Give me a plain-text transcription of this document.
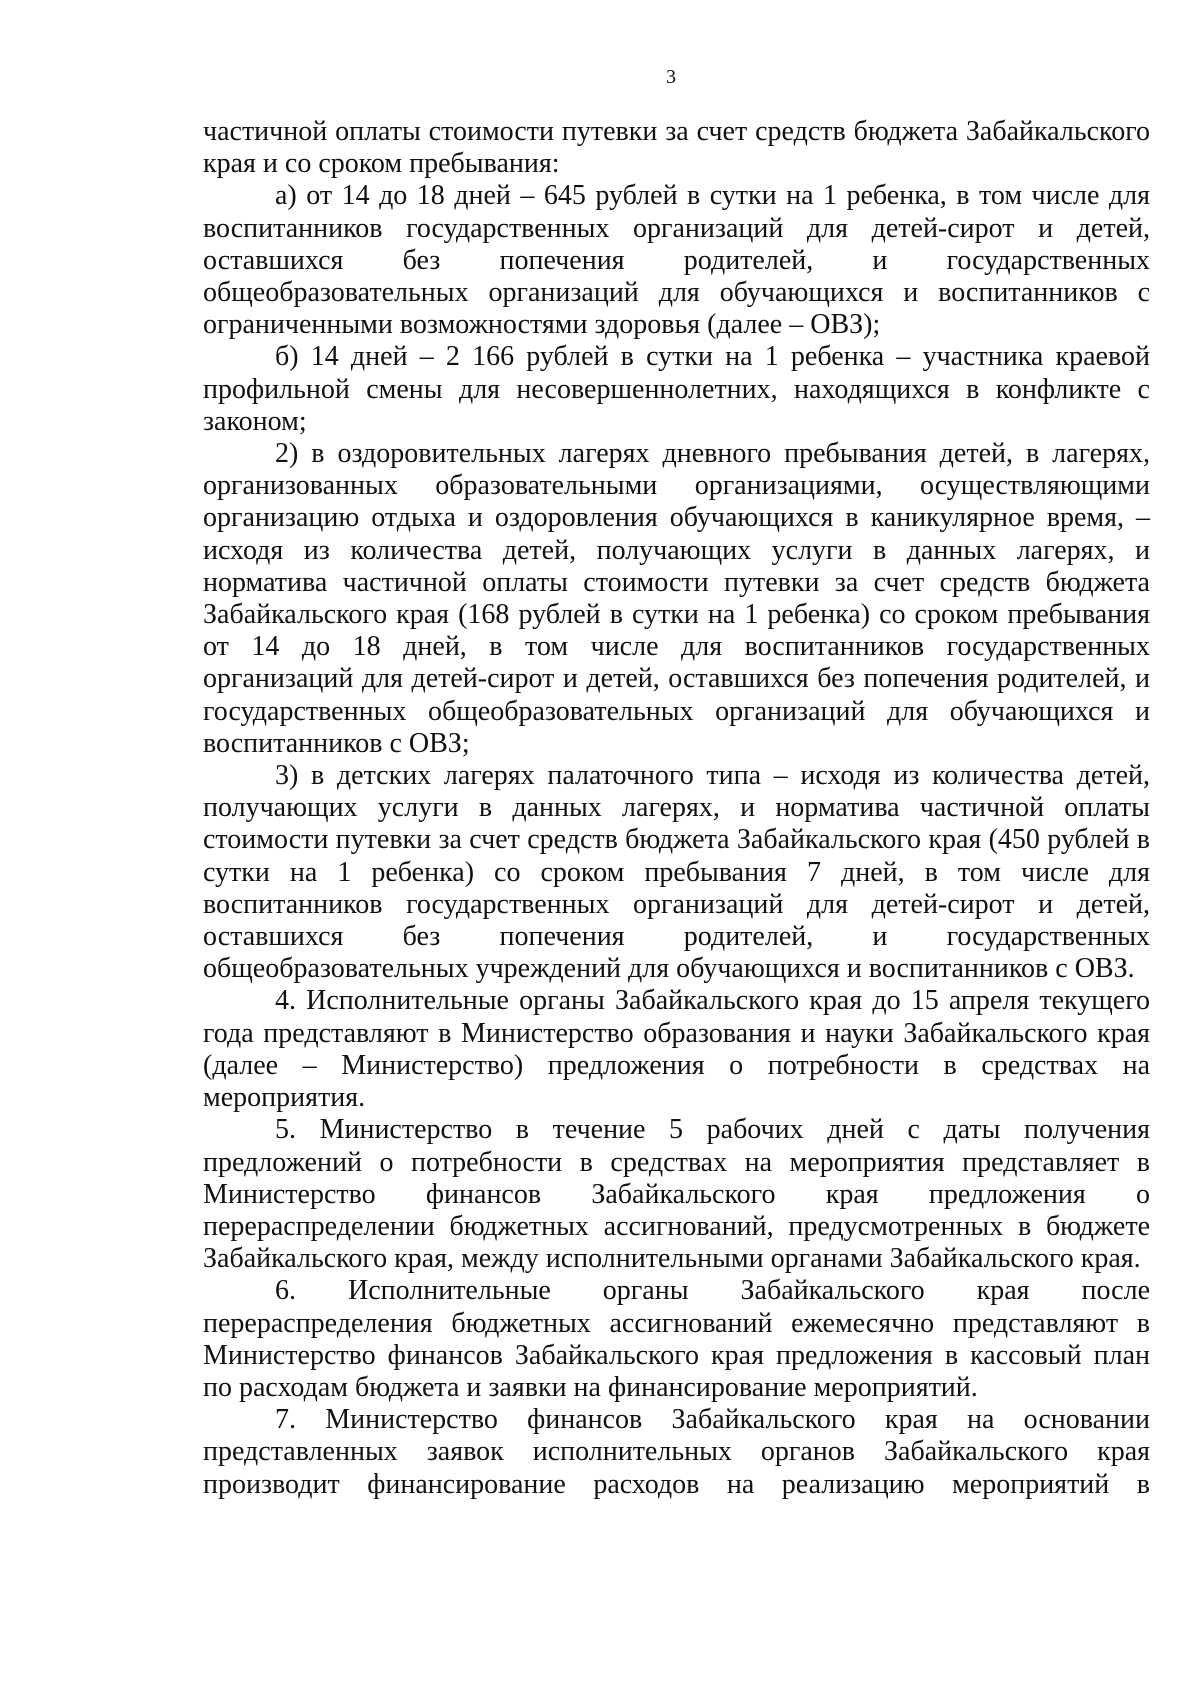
3

частичной оплаты стоимости путевки за счет средств бюджета Забайкальского края и со сроком пребывания:

а) от 14 до 18 дней – 645 рублей в сутки на 1 ребенка, в том числе для воспитанников государственных организаций для детей-сирот и детей, оставшихся без попечения родителей, и государственных общеобразовательных организаций для обучающихся и воспитанников с ограниченными возможностями здоровья (далее – ОВЗ);

б) 14 дней – 2 166 рублей в сутки на 1 ребенка – участника краевой профильной смены для несовершеннолетних, находящихся в конфликте с законом;

2) в оздоровительных лагерях дневного пребывания детей, в лагерях, организованных образовательными организациями, осуществляющими организацию отдыха и оздоровления обучающихся в каникулярное время, – исходя из количества детей, получающих услуги в данных лагерях, и норматива частичной оплаты стоимости путевки за счет средств бюджета Забайкальского края (168 рублей в сутки на 1 ребенка) со сроком пребывания от 14 до 18 дней, в том числе для воспитанников государственных организаций для детей-сирот и детей, оставшихся без попечения родителей, и государственных общеобразовательных организаций для обучающихся и воспитанников с ОВЗ;

3) в детских лагерях палаточного типа – исходя из количества детей, получающих услуги в данных лагерях, и норматива частичной оплаты стоимости путевки за счет средств бюджета Забайкальского края (450 рублей в сутки на 1 ребенка) со сроком пребывания 7 дней, в том числе для воспитанников государственных организаций для детей-сирот и детей, оставшихся без попечения родителей, и государственных общеобразовательных учреждений для обучающихся и воспитанников с ОВЗ.

4. Исполнительные органы Забайкальского края до 15 апреля текущего года представляют в Министерство образования и науки Забайкальского края (далее – Министерство) предложения о потребности в средствах на мероприятия.

5. Министерство в течение 5 рабочих дней с даты получения предложений о потребности в средствах на мероприятия представляет в Министерство финансов Забайкальского края предложения о перераспределении бюджетных ассигнований, предусмотренных в бюджете Забайкальского края, между исполнительными органами Забайкальского края.

6. Исполнительные органы Забайкальского края после перераспределения бюджетных ассигнований ежемесячно представляют в Министерство финансов Забайкальского края предложения в кассовый план по расходам бюджета и заявки на финансирование мероприятий.

7. Министерство финансов Забайкальского края на основании представленных заявок исполнительных органов Забайкальского края производит финансирование расходов на реализацию мероприятий в
